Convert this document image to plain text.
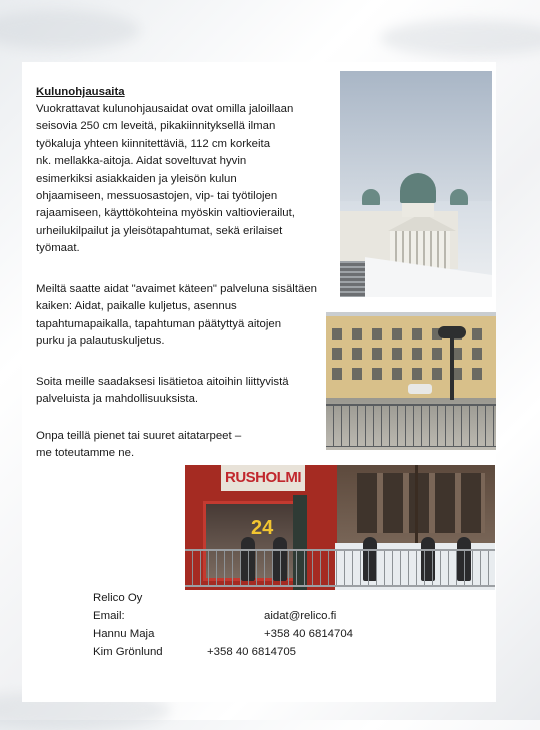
Kulunohjausaita
Vuokrattavat kulunohjausaidat ovat omilla jaloillaan
seisovia 250 cm leveitä, pikakiinnityksellä ilman
työkaluja yhteen kiinnitettäviä, 112 cm korkeita
nk. mellakka-aitoja. Aidat soveltuvat hyvin
esimerkiksi asiakkaiden ja yleisön kulun
ohjaamiseen, messuosastojen, vip- tai työtilojen
rajaamiseen, käyttökohteina myöskin valtiovierailut,
urheilukilpailut ja yleisötapahtumat, sekä erilaiset
työmaat.
Meiltä saatte aidat "avaimet käteen" palveluna sisältäen
kaiken: Aidat, paikalle kuljetus, asennus
tapahtumapaikalla, tapahtuman päätyttyä aitojen
purku ja palautuskuljetus.
Soita meille saadaksesi lisätietoa aitoihin liittyvistä
palveluista ja mahdollisuuksista.
Onpa teillä pienet tai suuret aitatarpeet –
me toteutamme ne.
RUSHOLMI
24
Relico Oy
Email:	aidat@relico.fi
Hannu Maja	+358 40 6814704
Kim Grönlund	+358 40 6814705
